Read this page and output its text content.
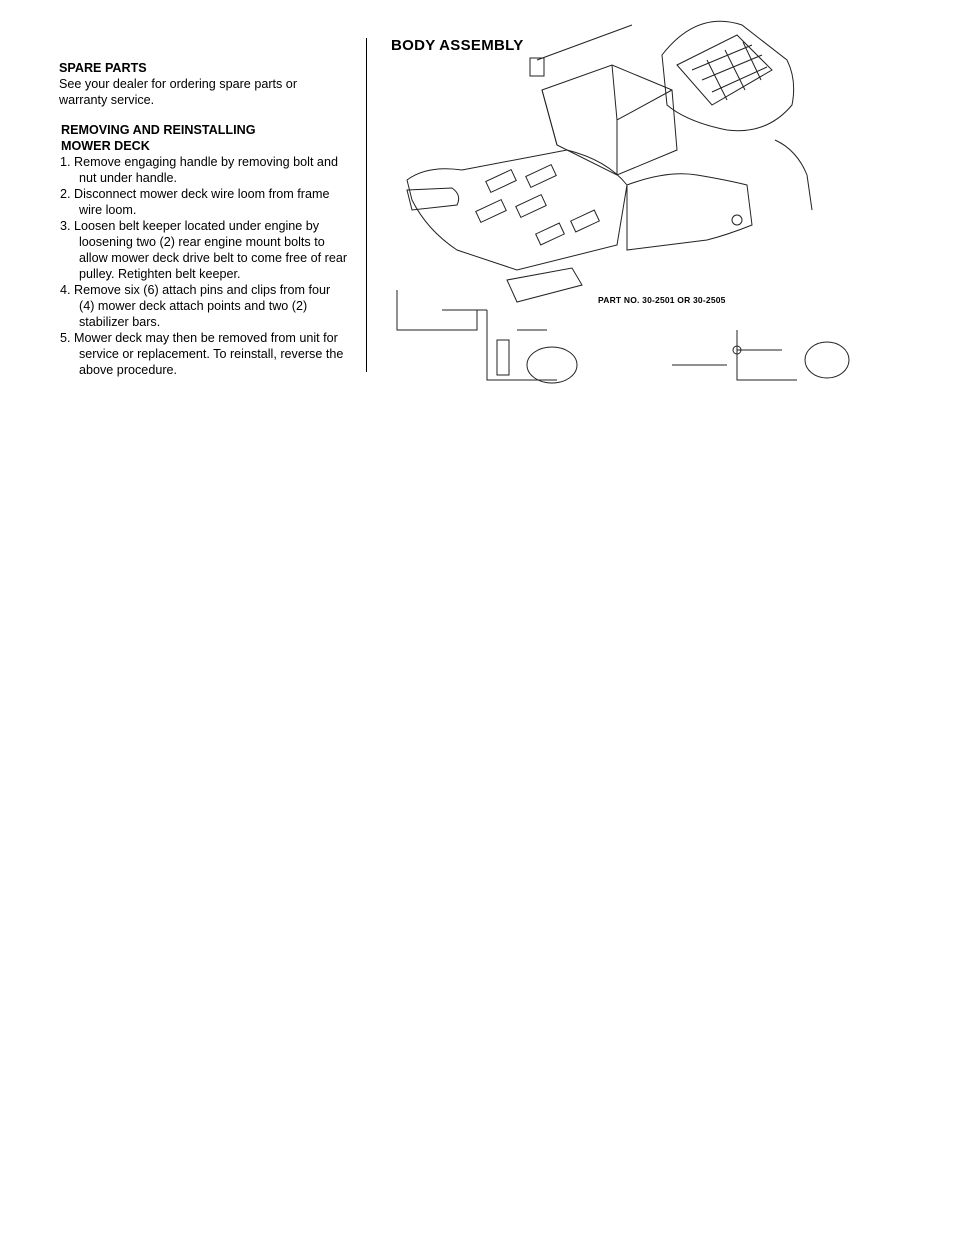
SPARE PARTS

See your dealer for ordering spare parts or

warranty service.

REMOVING AND REINSTALLING

MOWER DECK

1. Remove engaging handle by removing bolt and nut under handle.
2. Disconnect mower deck wire loom from frame wire loom.
3. Loosen belt keeper located under engine by loosening two (2) rear engine mount bolts to allow mower deck drive belt to come free of rear pulley. Retighten belt keeper.
4. Remove six (6) attach pins and clips from four (4) mower deck attach points and two (2) stabilizer bars.
5. Mower deck may then be removed from unit for service or replacement. To reinstall, reverse the above procedure.
BODY ASSEMBLY
PART NO. 30-2501 OR 30-2505
